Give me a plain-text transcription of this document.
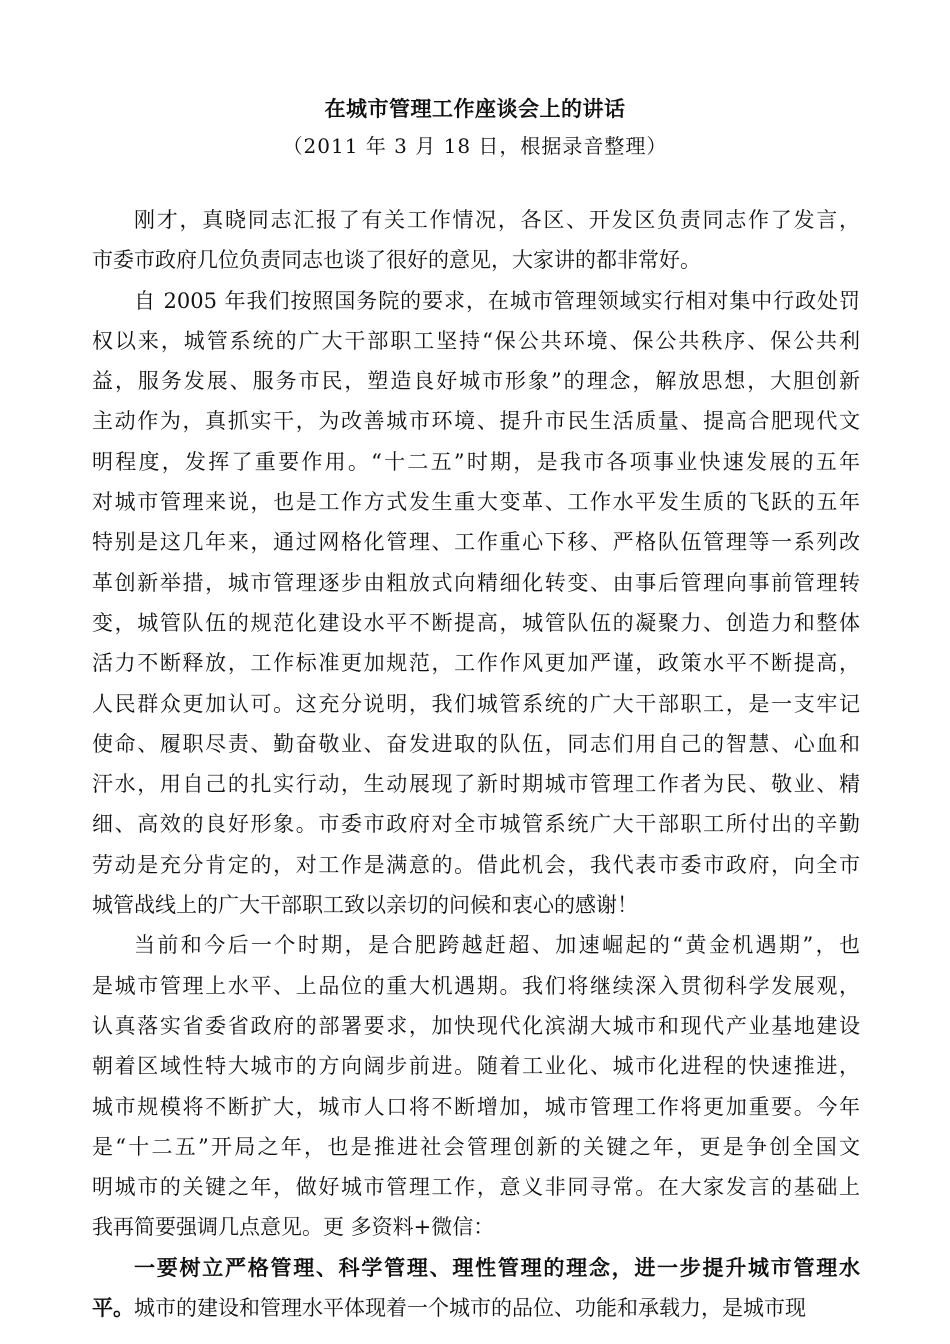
在城市管理工作座谈会上的讲话
（2011 年 3 月 18 日，根据录音整理）
刚才，真晓同志汇报了有关工作情况，各区、开发区负责同志作了发言，
市委市政府几位负责同志也谈了很好的意见，大家讲的都非常好。
自 2005 年我们按照国务院的要求，在城市管理领域实行相对集中行政处罚
权以来，城管系统的广大干部职工坚持“保公共环境、保公共秩序、保公共利
益，服务发展、服务市民，塑造良好城市形象”的理念，解放思想，大胆创新
主动作为，真抓实干，为改善城市环境、提升市民生活质量、提高合肥现代文
明程度，发挥了重要作用。“十二五”时期，是我市各项事业快速发展的五年
对城市管理来说，也是工作方式发生重大变革、工作水平发生质的飞跃的五年
特别是这几年来，通过网格化管理、工作重心下移、严格队伍管理等一系列改
革创新举措，城市管理逐步由粗放式向精细化转变、由事后管理向事前管理转
变，城管队伍的规范化建设水平不断提高，城管队伍的凝聚力、创造力和整体
活力不断释放，工作标准更加规范，工作作风更加严谨，政策水平不断提高，
人民群众更加认可。这充分说明，我们城管系统的广大干部职工，是一支牢记
使命、履职尽责、勤奋敬业、奋发进取的队伍，同志们用自己的智慧、心血和
汗水，用自己的扎实行动，生动展现了新时期城市管理工作者为民、敬业、精
细、高效的良好形象。市委市政府对全市城管系统广大干部职工所付出的辛勤
劳动是充分肯定的，对工作是满意的。借此机会，我代表市委市政府，向全市
城管战线上的广大干部职工致以亲切的问候和衷心的感谢！
当前和今后一个时期，是合肥跨越赶超、加速崛起的“黄金机遇期”，也
是城市管理上水平、上品位的重大机遇期。我们将继续深入贯彻科学发展观，
认真落实省委省政府的部署要求，加快现代化滨湖大城市和现代产业基地建设
朝着区域性特大城市的方向阔步前进。随着工业化、城市化进程的快速推进，
城市规模将不断扩大，城市人口将不断增加，城市管理工作将更加重要。今年
是“十二五”开局之年，也是推进社会管理创新的关键之年，更是争创全国文
明城市的关键之年，做好城市管理工作，意义非同寻常。在大家发言的基础上
我再简要强调几点意见。更 多资料+微信：
一要树立严格管理、科学管理、理性管理的理念，进一步提升城市管理水
平。城市的建设和管理水平体现着一个城市的品位、功能和承载力，是城市现
